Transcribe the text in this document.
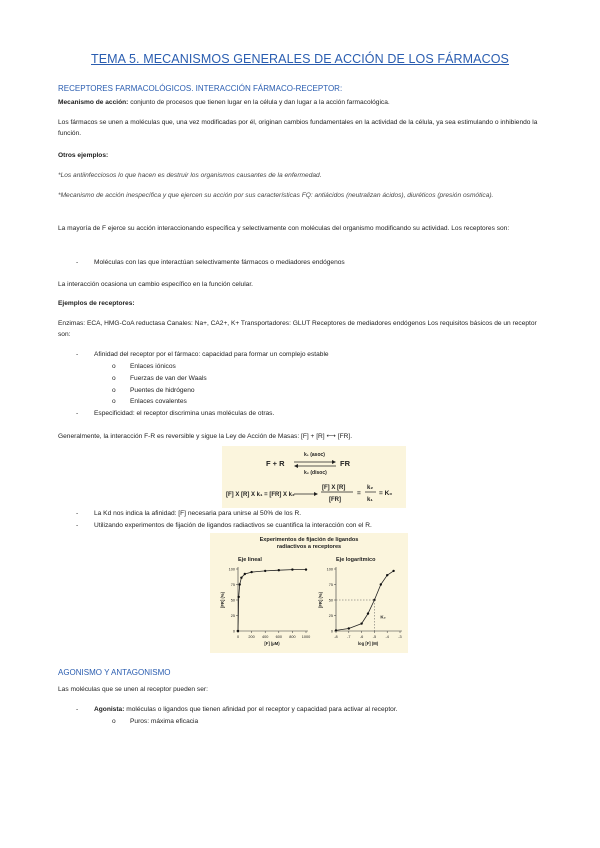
TEMA 5. MECANISMOS GENERALES DE ACCIÓN DE LOS FÁRMACOS
RECEPTORES FARMACOLÓGICOS. INTERACCIÓN FÁRMACO-RECEPTOR:
Mecanismo de acción: conjunto de procesos que tienen lugar en la célula y dan lugar a la acción farmacológica.
Los fármacos se unen a moléculas que, una vez modificadas por él, originan cambios fundamentales en la actividad de la célula, ya sea estimulando o inhibiendo la función.
Otros ejemplos:
*Los antiinfecciosos lo que hacen es destruir los organismos causantes de la enfermedad.
*Mecanismo de acción inespecífica y que ejercen su acción por sus características FQ: antiácidos (neutralizan ácidos), diuréticos (presión osmótica).
La mayoría de F ejerce su acción interaccionando específica y selectivamente con moléculas del organismo modificando su actividad. Los receptores son:
- Moléculas con las que interactúan selectivamente fármacos o mediadores endógenos
La interacción ocasiona un cambio específico en la función celular.
Ejemplos de receptores:
Enzimas: ECA, HMG-CoA reductasa Canales: Na+, CA2+, K+ Transportadores: GLUT Receptores de mediadores endógenos Los requisitos básicos de un receptor son:
- Afinidad del receptor por el fármaco: capacidad para formar un complejo estable
o Enlaces iónicos
o Fuerzas de van der Waals
o Puentes de hidrógeno
o Enlaces covalentes
- Especificidad: el receptor discrimina unas moléculas de otras.
Generalmente, la interacción F-R es reversible y sigue la Ley de Acción de Masas: [F] + [R] ⟷ [FR].
F + R
k₁ (asoc)
k₂ (disoc)
FR
[F] X [R] X k₁ = [FR] X k₂
[F] X [R]
[FR]
=
k₂
k₁
= K₀
- La Kd nos indica la afinidad: [F] necesaria para unirse al 50% de los R.
- Utilizando experimentos de fijación de ligandos radiactivos se cuantifica la interacción con el R.
Experimentos de fijación de ligandos
radiactivos a receptores
Eje lineal
0
25
50
75
100
0 200 400 600 800 1000
[F] (µM)
[FR] (%)
Eje logarítmico
0
25
50
75
100
-8 -7 -6 -5 -4 -3
log [F] (M)
[FR] (%)
K₀
AGONISMO Y ANTAGONISMO
Las moléculas que se unen al receptor pueden ser:
- Agonista: moléculas o ligandos que tienen afinidad por el receptor y capacidad para activar al receptor.
o Puros: máxima eficacia
